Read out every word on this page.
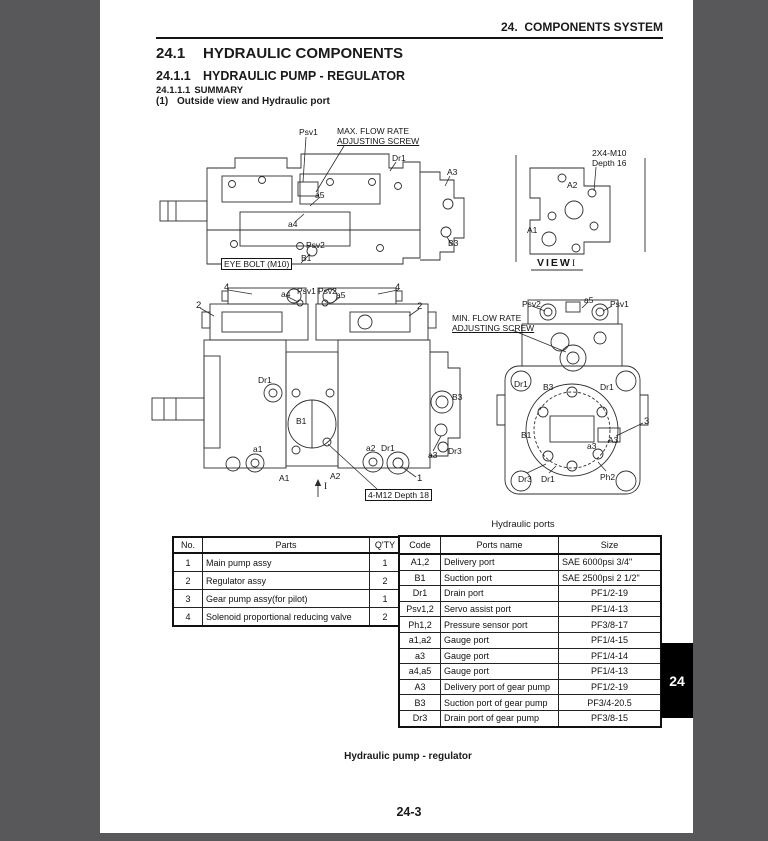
24.  COMPONENTS SYSTEM
24.1 HYDRAULIC COMPONENTS
24.1.1 HYDRAULIC PUMP - REGULATOR
24.1.1.1 SUMMARY
(1) Outside view and Hydraulic port
Psv1 MAX. FLOW RATE
ADJUSTING SCREW
Dr1
A3
a5
a4
Psv2
B1
B3
EYE BOLT (M10)
2X4-M10
Depth 16
A2
A1
VIEW I
4	4
2	2
a4 Psv1 Psv2 a5
Dr1
B1
B3
a1	a2 Dr1
a3 Dr3
A1	A2	1
I
4-M12 Depth 18
Psv2	a5 Psv1
MIN. FLOW RATE
ADJUSTING SCREW
Dr1 B3	Dr1
3
B1	A3
a3
Dr3 Dr1	Ph2
No.	Parts	Q'TY
1	Main pump assy	1
2	Regulator assy	2
3	Gear pump assy(for pilot)	1
4	Solenoid proportional reducing valve	2
Hydraulic ports
Code	Ports name	Size
A1,2	Delivery port	SAE 6000psi 3/4"
B1	Suction port	SAE 2500psi 2 1/2"
Dr1	Drain port	PF1/2-19
Psv1,2	Servo assist port	PF1/4-13
Ph1,2	Pressure sensor port	PF3/8-17
a1,a2	Gauge port	PF1/4-15
a3	Gauge port	PF1/4-14
a4,a5	Gauge port	PF1/4-13
A3	Delivery port of gear pump	PF1/2-19
B3	Suction port of gear pump	PF3/4-20.5
Dr3	Drain port of gear pump	PF3/8-15
Hydraulic pump - regulator
24-3
24
